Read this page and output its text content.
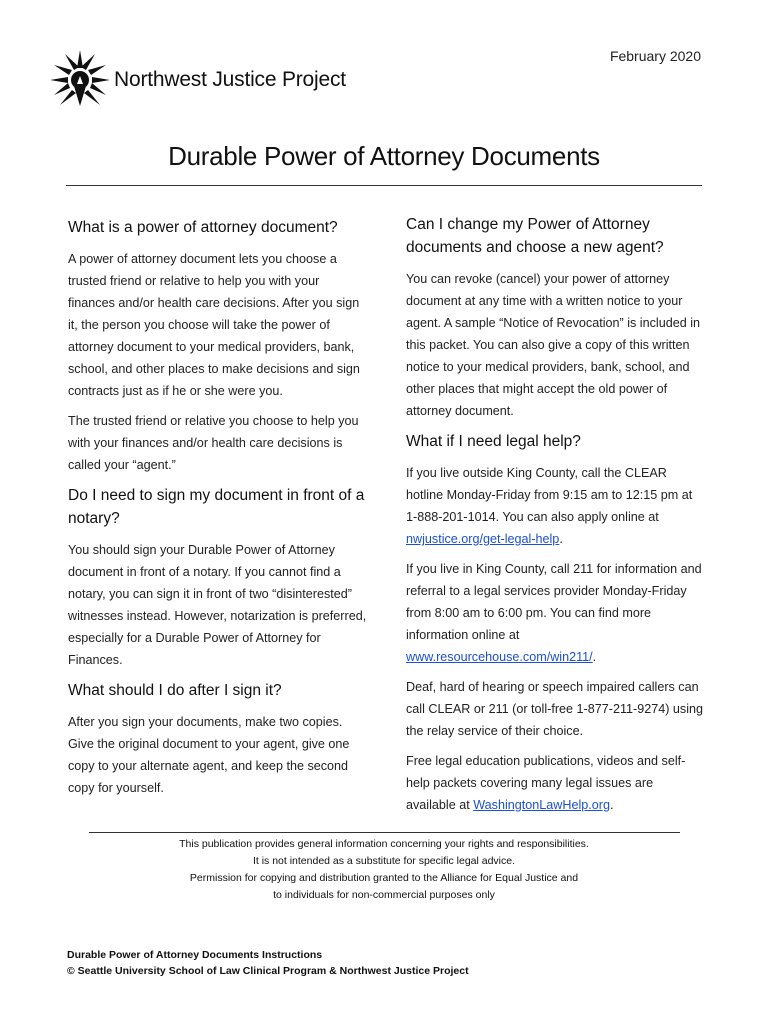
February 2020
Northwest Justice Project
Durable Power of Attorney Documents
What is a power of attorney document?

A power of attorney document lets you choose a trusted friend or relative to help you with your finances and/or health care decisions. After you sign it, the person you choose will take the power of attorney document to your medical providers, bank, school, and other places to make decisions and sign contracts just as if he or she were you.

The trusted friend or relative you choose to help you with your finances and/or health care decisions is called your “agent.”

Do I need to sign my document in front of a notary?

You should sign your Durable Power of Attorney document in front of a notary. If you cannot find a notary, you can sign it in front of two “disinterested” witnesses instead. However, notarization is preferred, especially for a Durable Power of Attorney for Finances.

What should I do after I sign it?

After you sign your documents, make two copies. Give the original document to your agent, give one copy to your alternate agent, and keep the second copy for yourself.

Can I change my Power of Attorney documents and choose a new agent?

You can revoke (cancel) your power of attorney document at any time with a written notice to your agent. A sample “Notice of Revocation” is included in this packet. You can also give a copy of this written notice to your medical providers, bank, school, and other places that might accept the old power of attorney document.

What if I need legal help?

If you live outside King County, call the CLEAR hotline Monday-Friday from 9:15 am to 12:15 pm at 1-888-201-1014. You can also apply online at nwjustice.org/get-legal-help.

If you live in King County, call 211 for information and referral to a legal services provider Monday-Friday from 8:00 am to 6:00 pm. You can find more information online at www.resourcehouse.com/win211/.

Deaf, hard of hearing or speech impaired callers can call CLEAR or 211 (or toll-free 1-877-211-9274) using the relay service of their choice.

Free legal education publications, videos and self-help packets covering many legal issues are available at WashingtonLawHelp.org.

This publication provides general information concerning your rights and responsibilities.
It is not intended as a substitute for specific legal advice.
Permission for copying and distribution granted to the Alliance for Equal Justice and
to individuals for non-commercial purposes only
Durable Power of Attorney Documents Instructions
© Seattle University School of Law Clinical Program & Northwest Justice Project
